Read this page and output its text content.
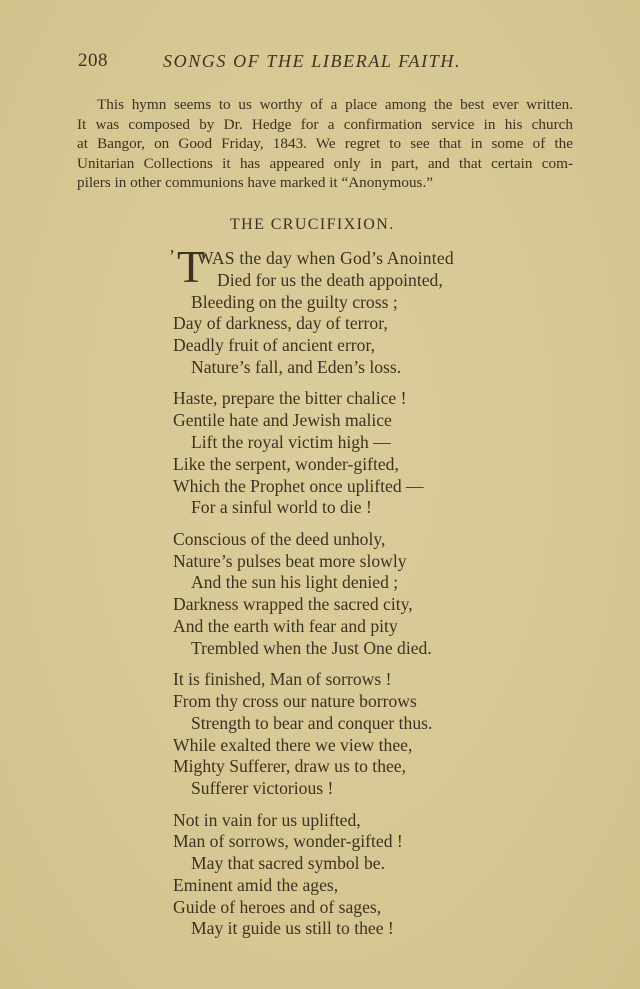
208	SONGS OF THE LIBERAL FAITH.
This hymn seems to us worthy of a place among the best ever written.
It was composed by Dr. Hedge for a confirmation service in his church
at Bangor, on Good Friday, 1843. We regret to see that in some of the
Unitarian Collections it has appeared only in part, and that certain com-
pilers in other communions have marked it “Anonymous.”
THE CRUCIFIXION.
’ T
WAS the day when God’s Anointed
Died for us the death appointed,
Bleeding on the guilty cross ;
Day of darkness, day of terror,
Deadly fruit of ancient error,
Nature’s fall, and Eden’s loss.
Haste, prepare the bitter chalice !
Gentile hate and Jewish malice
Lift the royal victim high —
Like the serpent, wonder-gifted,
Which the Prophet once uplifted —
For a sinful world to die !
Conscious of the deed unholy,
Nature’s pulses beat more slowly
And the sun his light denied ;
Darkness wrapped the sacred city,
And the earth with fear and pity
Trembled when the Just One died.
It is finished, Man of sorrows !
From thy cross our nature borrows
Strength to bear and conquer thus.
While exalted there we view thee,
Mighty Sufferer, draw us to thee,
Sufferer victorious !
Not in vain for us uplifted,
Man of sorrows, wonder-gifted !
May that sacred symbol be.
Eminent amid the ages,
Guide of heroes and of sages,
May it guide us still to thee !
